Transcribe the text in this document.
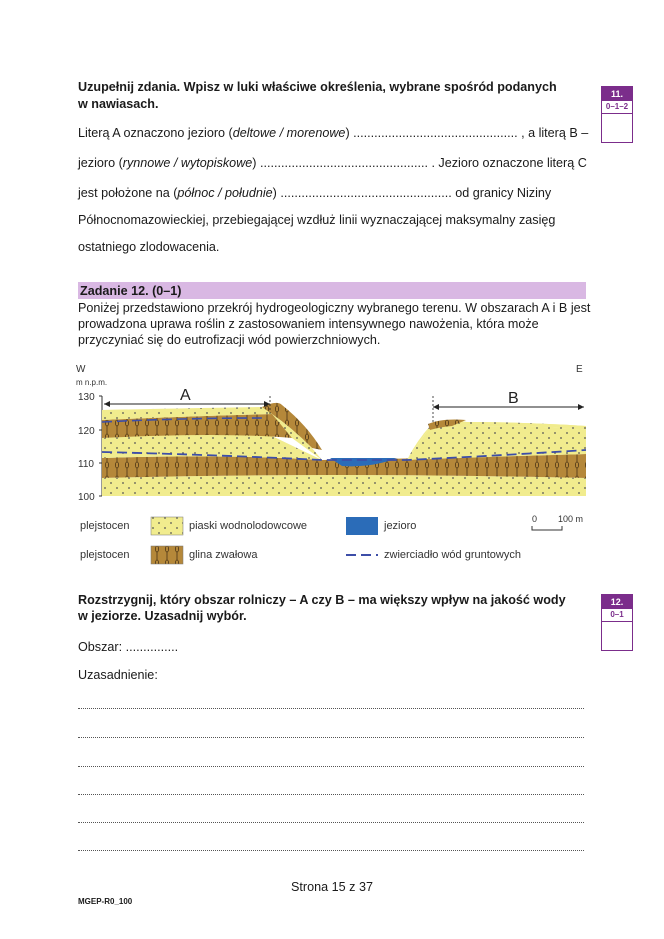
Uzupełnij zdania. Wpisz w luki właściwe określenia, wybrane spośród podanych
w nawiasach.
Literą A oznaczono jezioro (deltowe / morenowe) ............................................... , a literą B –
jezioro (rynnowe / wytopiskowe) ................................................ . Jezioro oznaczone literą C
jest położone na (północ / południe) ................................................. od granicy Niziny
Północnomazowieckiej, przebiegającej wzdłuż linii wyznaczającej maksymalny zasięg
ostatniego zlodowacenia.
11.
0–1–2
Zadanie 12. (0–1)
Poniżej przedstawiono przekrój hydrogeologiczny wybranego terenu. W obszarach A i B jest
prowadzona uprawa roślin z zastosowaniem intensywnego nawożenia, która może
przyczyniać się do eutrofizacji wód powierzchniowych.
W	E
m n.p.m.
130
120
110
100
A	B
plejstocen	piaski wodnolodowcowe	jezioro
0 100 m
plejstocen	glina zwałowa	zwierciadło wód gruntowych
Rozstrzygnij, który obszar rolniczy – A czy B – ma większy wpływ na jakość wody
w jeziorze. Uzasadnij wybór.
12.
0–1
Obszar: ...............
Uzasadnienie:
Strona 15 z 37
MGEP-R0_100
